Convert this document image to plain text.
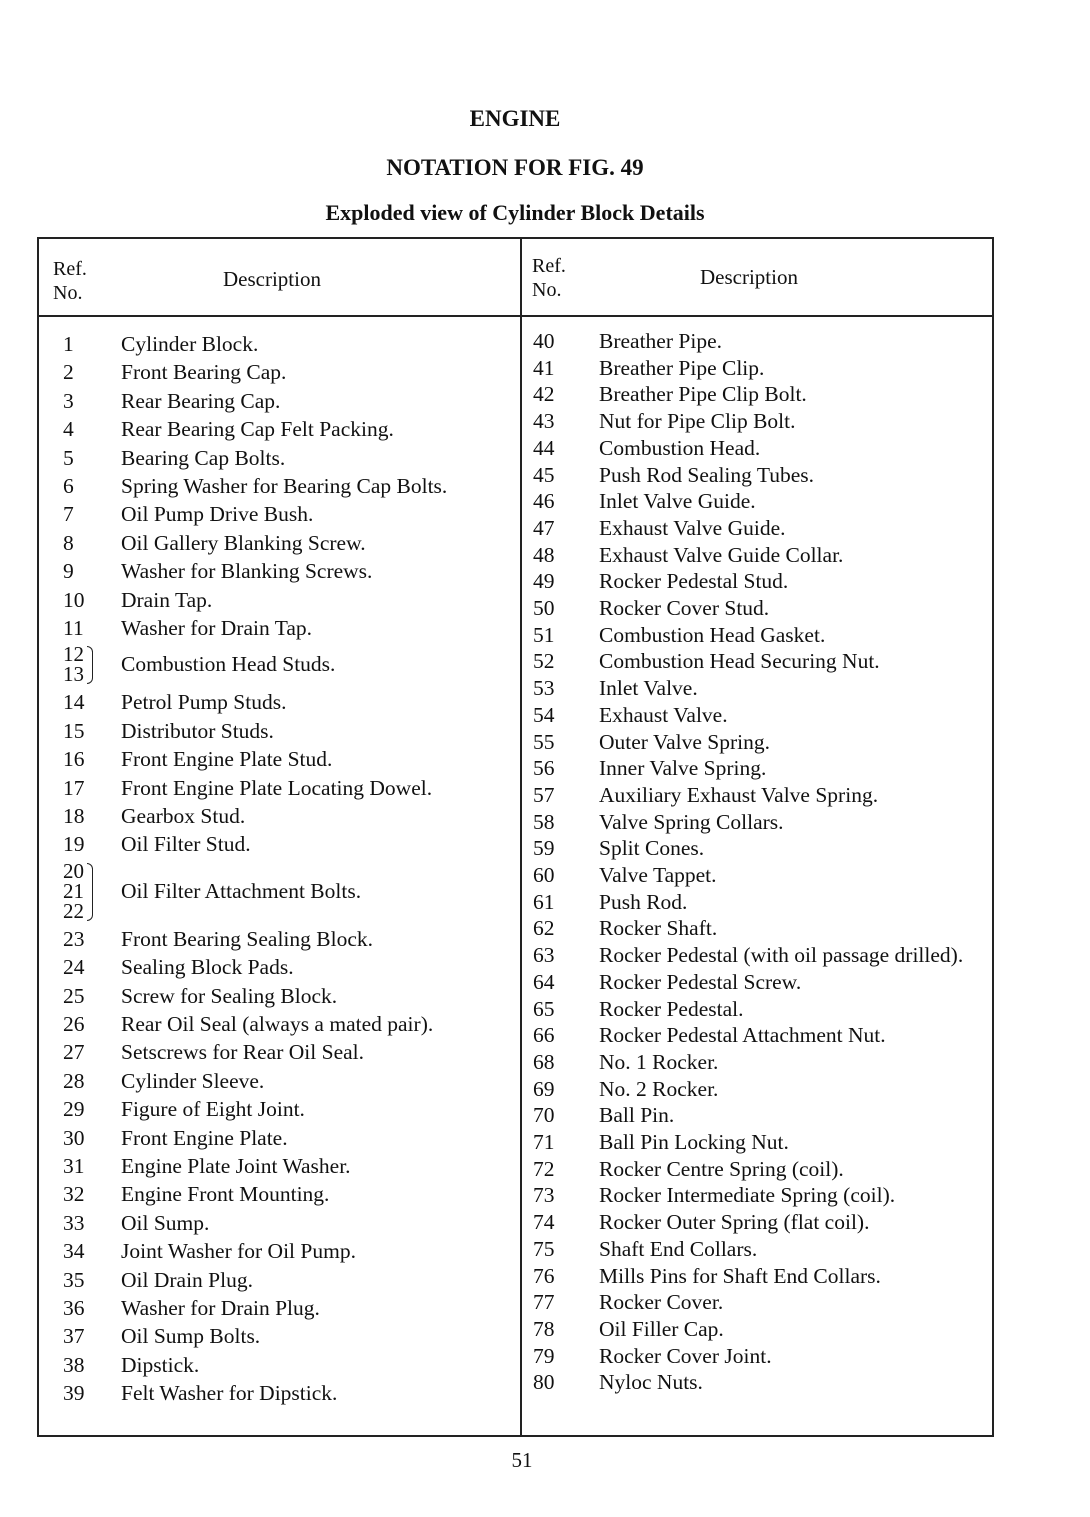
ENGINE
NOTATION FOR FIG. 49
Exploded view of Cylinder Block Details
Ref.
No.
Description
Ref.
No.
Description
1 Cylinder Block.
2 Front Bearing Cap.
3 Rear Bearing Cap.
4 Rear Bearing Cap Felt Packing.
5 Bearing Cap Bolts.
6 Spring Washer for Bearing Cap Bolts.
7 Oil Pump Drive Bush.
8 Oil Gallery Blanking Screw.
9 Washer for Blanking Screws.
10 Drain Tap.
11 Washer for Drain Tap.
12
13 Combustion Head Studs.
14 Petrol Pump Studs.
15 Distributor Studs.
16 Front Engine Plate Stud.
17 Front Engine Plate Locating Dowel.
18 Gearbox Stud.
19 Oil Filter Stud.
20
21
22
Oil Filter Attachment Bolts.
23 Front Bearing Sealing Block.
24 Sealing Block Pads.
25 Screw for Sealing Block.
26 Rear Oil Seal (always a mated pair).
27 Setscrews for Rear Oil Seal.
28 Cylinder Sleeve.
29 Figure of Eight Joint.
30 Front Engine Plate.
31 Engine Plate Joint Washer.
32 Engine Front Mounting.
33 Oil Sump.
34 Joint Washer for Oil Pump.
35 Oil Drain Plug.
36 Washer for Drain Plug.
37 Oil Sump Bolts.
38 Dipstick.
39 Felt Washer for Dipstick.
40 Breather Pipe.
41 Breather Pipe Clip.
42 Breather Pipe Clip Bolt.
43 Nut for Pipe Clip Bolt.
44 Combustion Head.
45 Push Rod Sealing Tubes.
46 Inlet Valve Guide.
47 Exhaust Valve Guide.
48 Exhaust Valve Guide Collar.
49 Rocker Pedestal Stud.
50 Rocker Cover Stud.
51 Combustion Head Gasket.
52 Combustion Head Securing Nut.
53 Inlet Valve.
54 Exhaust Valve.
55 Outer Valve Spring.
56 Inner Valve Spring.
57 Auxiliary Exhaust Valve Spring.
58 Valve Spring Collars.
59 Split Cones.
60 Valve Tappet.
61 Push Rod.
62 Rocker Shaft.
63 Rocker Pedestal (with oil passage drilled).
64 Rocker Pedestal Screw.
65 Rocker Pedestal.
66 Rocker Pedestal Attachment Nut.
68 No. 1 Rocker.
69 No. 2 Rocker.
70 Ball Pin.
71 Ball Pin Locking Nut.
72 Rocker Centre Spring (coil).
73 Rocker Intermediate Spring (coil).
74 Rocker Outer Spring (flat coil).
75 Shaft End Collars.
76 Mills Pins for Shaft End Collars.
77 Rocker Cover.
78 Oil Filler Cap.
79 Rocker Cover Joint.
80 Nyloc Nuts.
51
